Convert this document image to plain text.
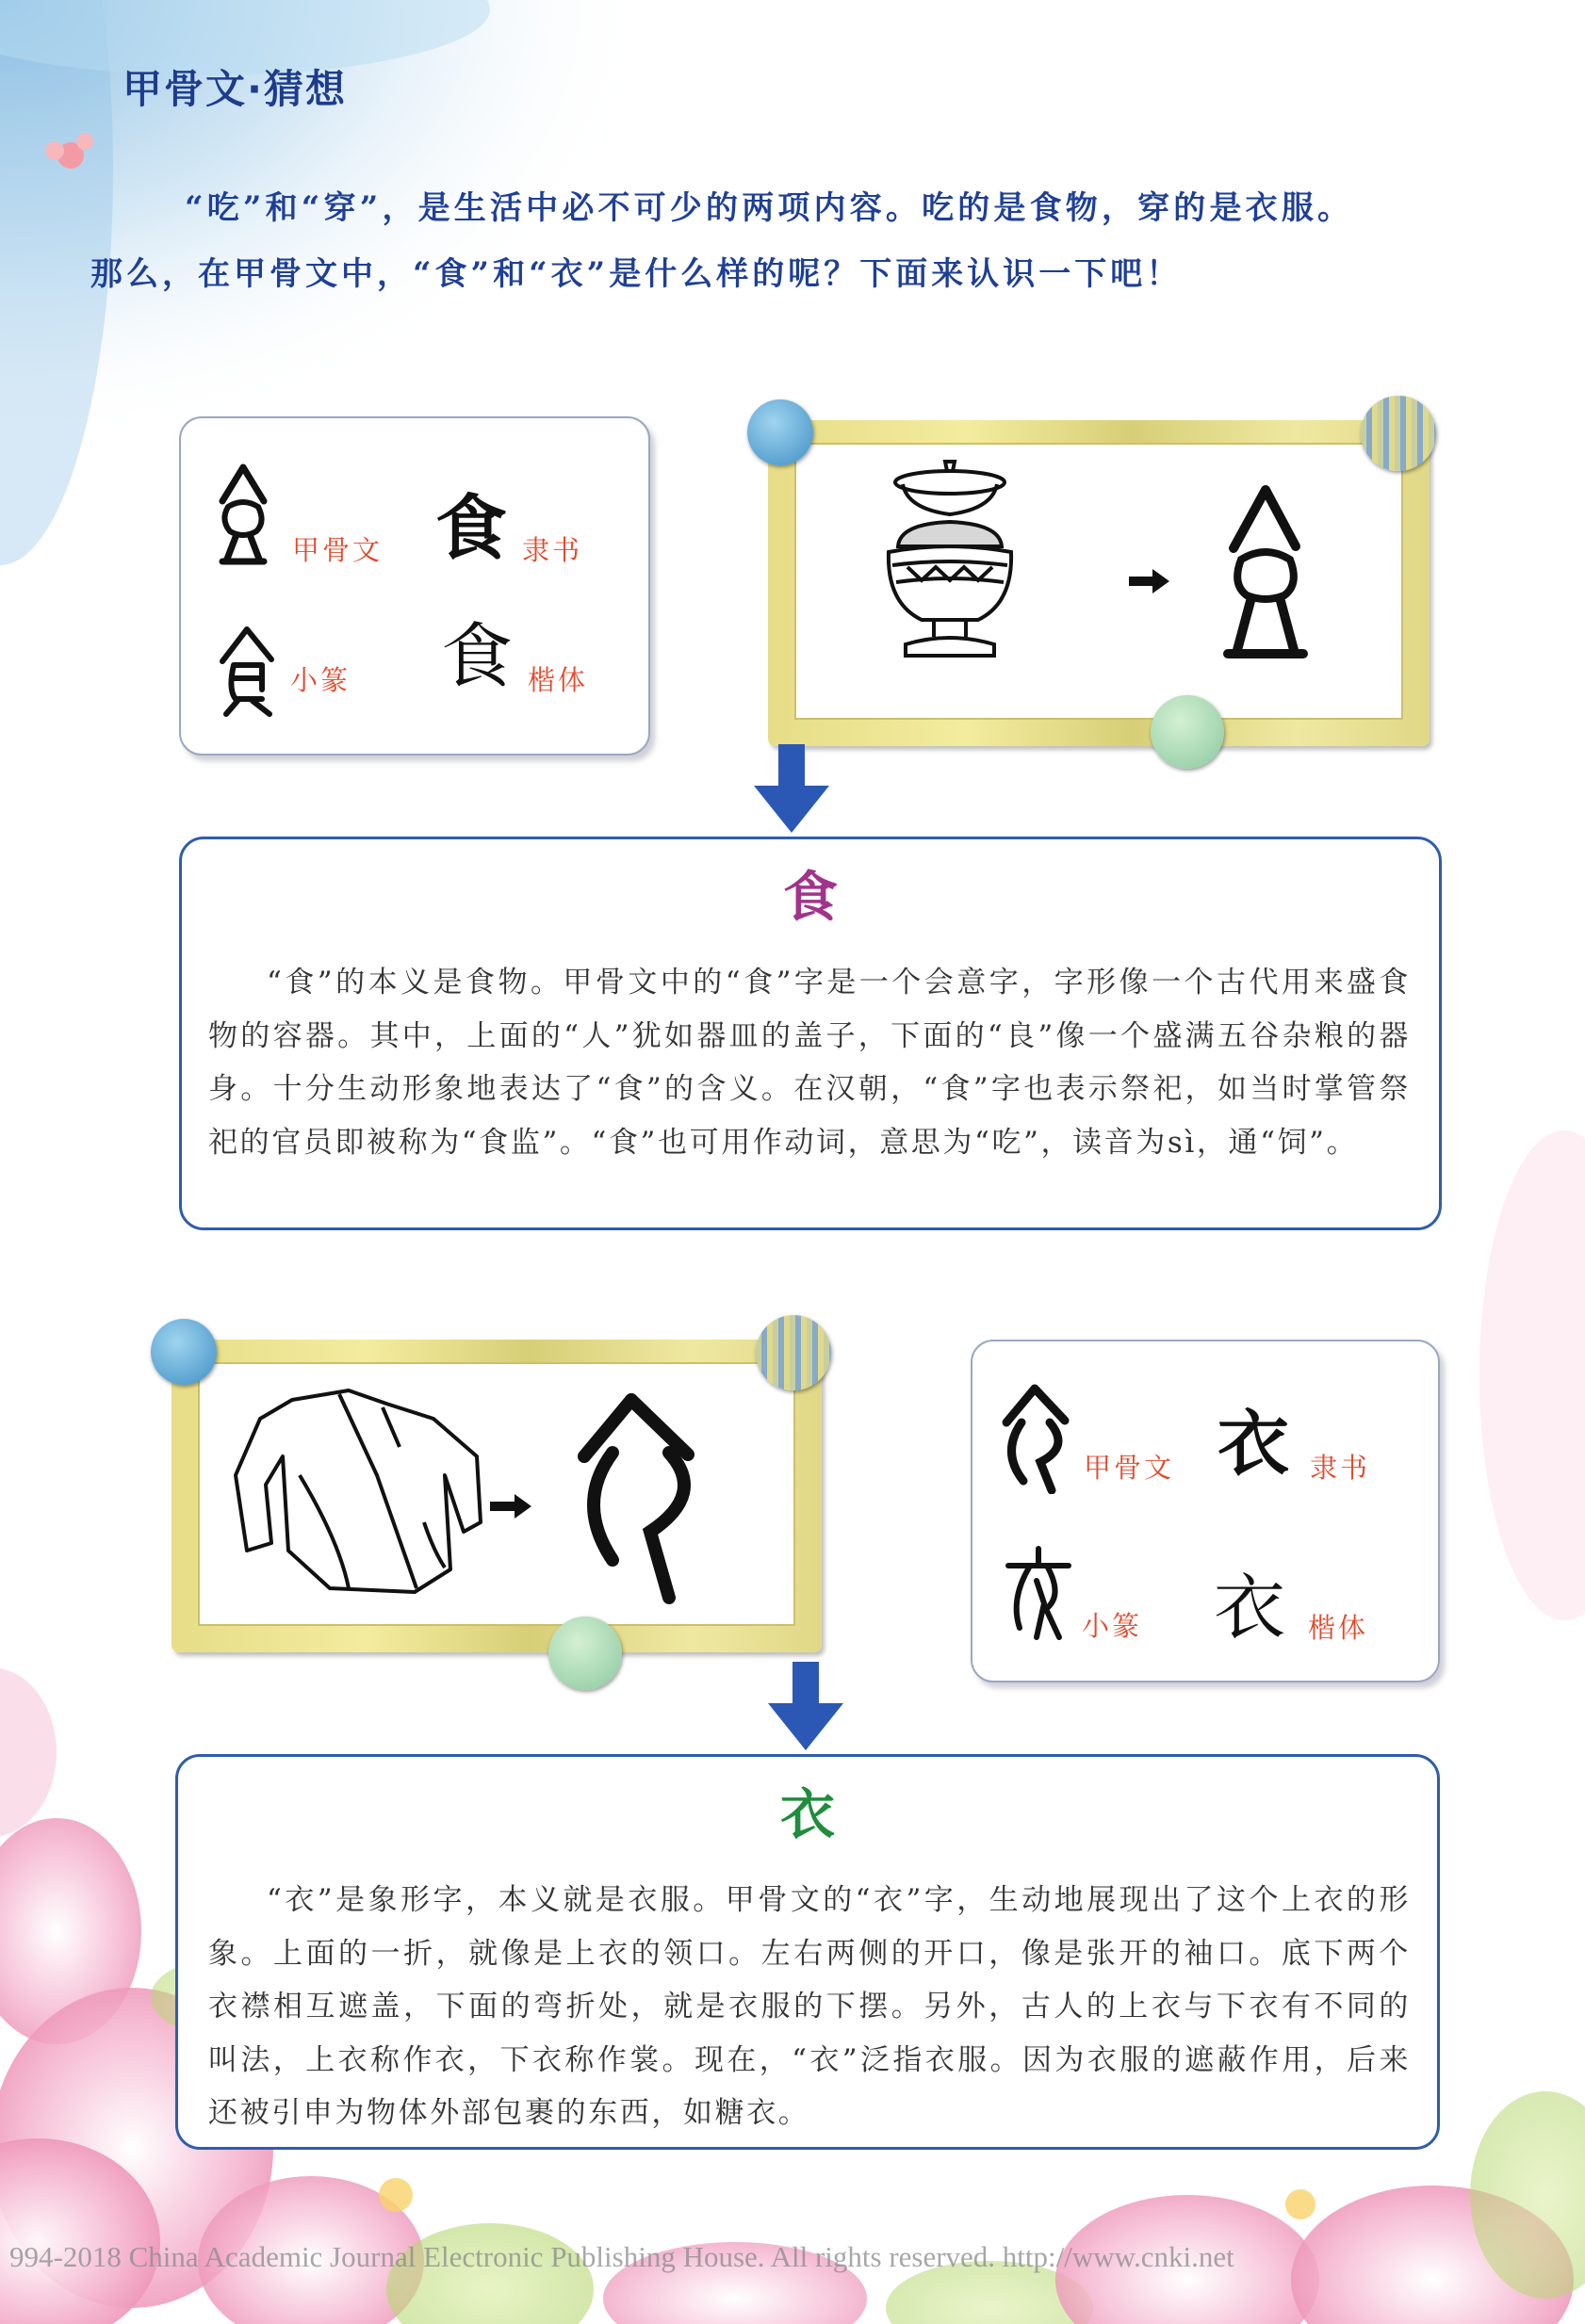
甲骨文·猜想
“吃”和“穿”，是生活中必不可少的两项内容。吃的是食物，穿的是衣服。那么，在甲骨文中，“食”和“衣”是什么样的呢？下面来认识一下吧！
甲骨文 食 隶书
小篆 食 楷体
食
“食”的本义是食物。甲骨文中的“食”字是一个会意字，字形像一个古代用来盛食物的容器。其中，上面的“人”犹如器皿的盖子，下面的“良”像一个盛满五谷杂粮的器身。十分生动形象地表达了“食”的含义。在汉朝，“食”字也表示祭祀，如当时掌管祭祀的官员即被称为“食监”。“食”也可用作动词，意思为“吃”，读音为sì，通“饲”。
甲骨文 衣 隶书
小篆 衣 楷体
衣
“衣”是象形字，本义就是衣服。甲骨文的“衣”字，生动地展现出了这个上衣的形象。上面的一折，就像是上衣的领口。左右两侧的开口，像是张开的袖口。底下两个衣襟相互遮盖，下面的弯折处，就是衣服的下摆。另外，古人的上衣与下衣有不同的叫法，上衣称作衣，下衣称作裳。现在，“衣”泛指衣服。因为衣服的遮蔽作用，后来还被引申为物体外部包裹的东西，如糖衣。
994-2018 China Academic Journal Electronic Publishing House. All rights reserved. http://www.cnki.net
